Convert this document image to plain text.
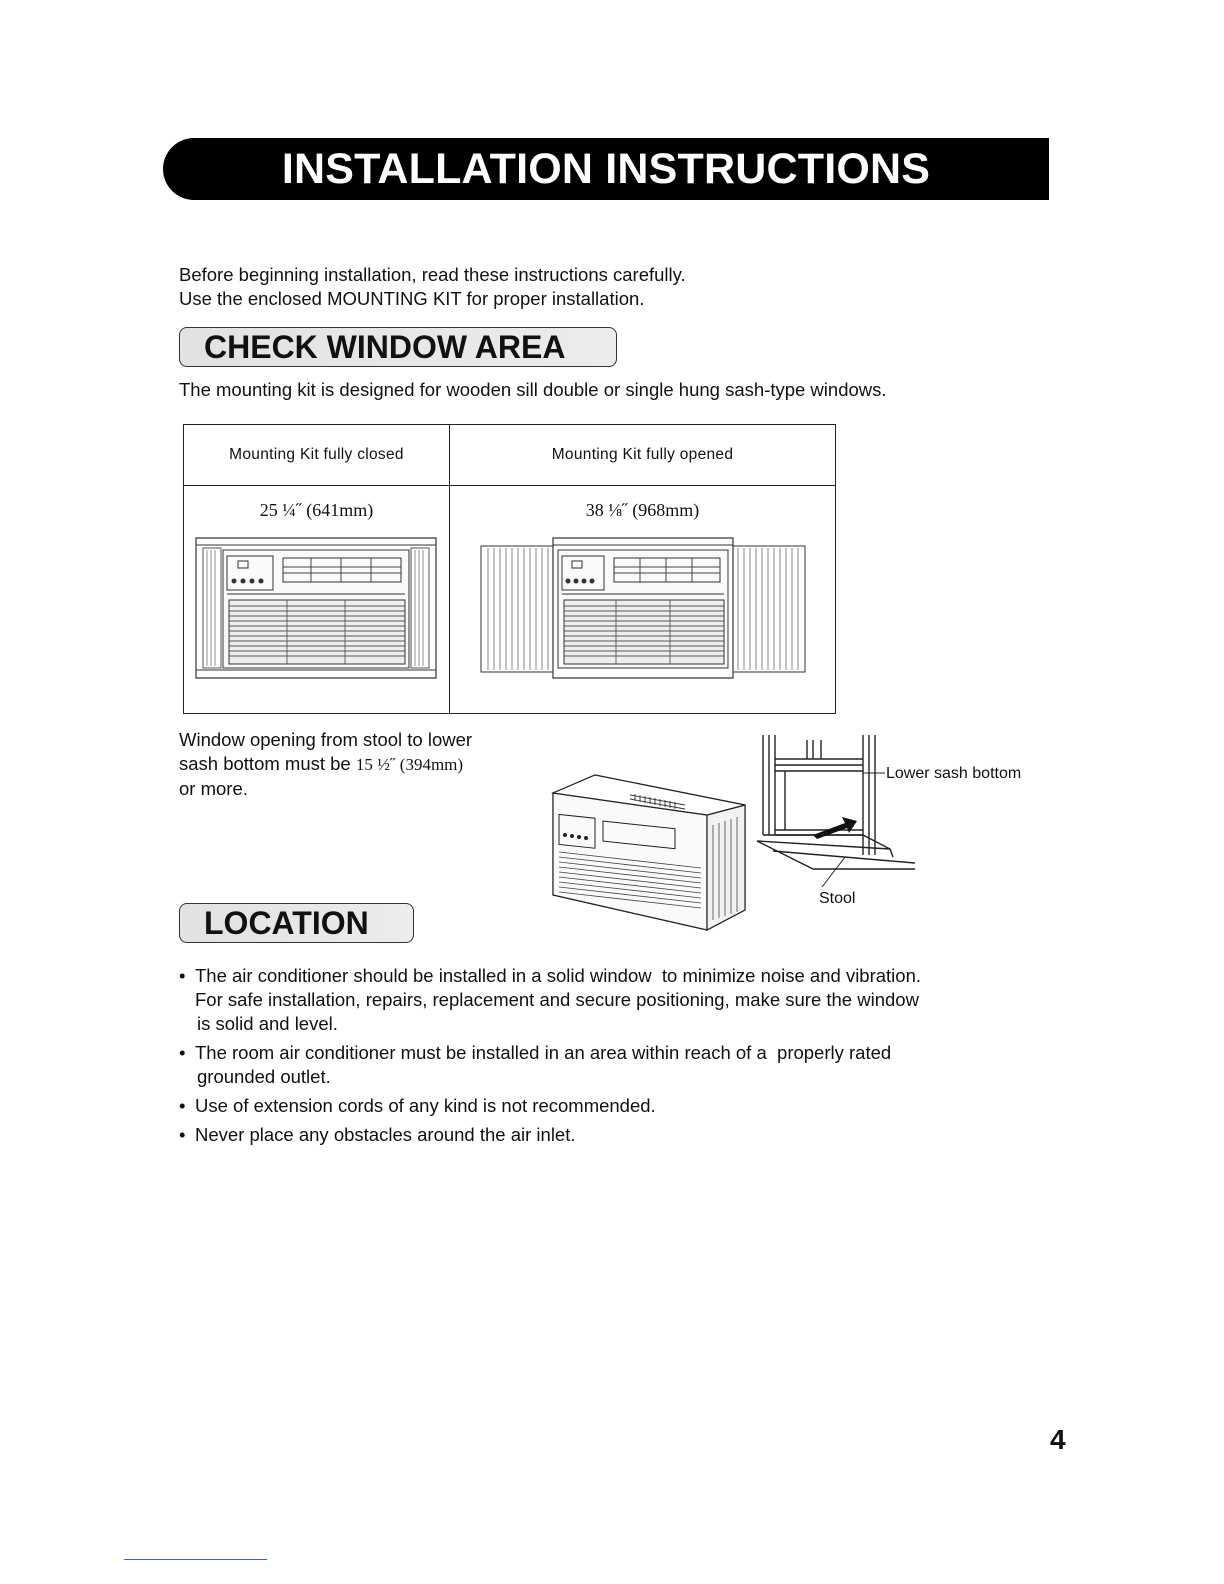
INSTALLATION INSTRUCTIONS
Before beginning installation, read these instructions carefully.
Use the enclosed MOUNTING KIT for proper installation.
CHECK WINDOW AREA
The mounting kit is designed for wooden sill double or single hung sash-type windows.
Mounting Kit fully closed	Mounting Kit fully opened

25 ¼˝ (641mm)	38 ⅛˝ (968mm)
Window opening from stool to lower
sash bottom must be 15 ½˝ (394mm)
or more.
Lower sash bottom
Stool
LOCATION
• The air conditioner should be installed in a solid window  to minimize noise and vibration.
For safe installation, repairs, replacement and secure positioning, make sure the window
is solid and level.
• The room air conditioner must be installed in an area within reach of a  properly rated
grounded outlet.
• Use of extension cords of any kind is not recommended.
• Never place any obstacles around the air inlet.
4
